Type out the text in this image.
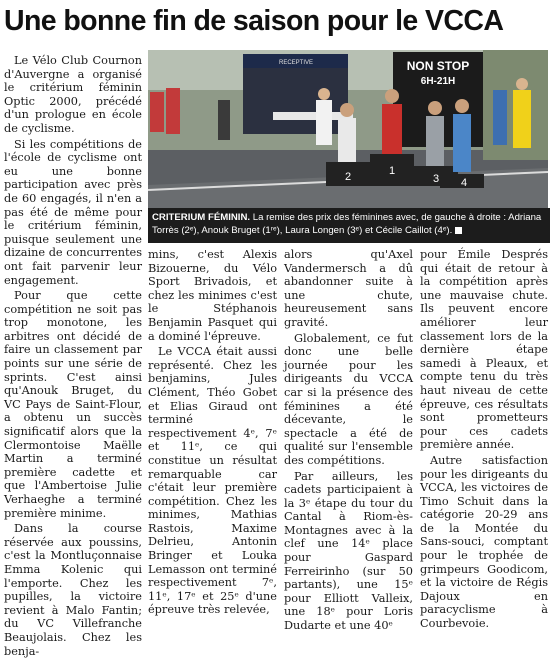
Une bonne fin de saison pour le VCCA

Le Vélo Club Cournon d'Auvergne a organisé le critérium féminin Optic 2000, précédé d'un prologue en école de cyclisme.

Si les compétitions de l'école de cyclisme ont eu une bonne participation avec près de 60 engagés, il n'en a pas été de même pour le critérium féminin, puisque seulement une dizaine de concurrentes ont fait parvenir leur engagement.

Pour que cette compétition ne soit pas trop monotone, les arbitres ont décidé de faire un classement par points sur une série de sprints. C'est ainsi qu'Anouk Bruget, du VC Pays de Saint-Flour, a obtenu un succès significatif alors que la Clermontoise Maëlle Martin a terminé première cadette et que l'Ambertoise Julie Verhaeghe a terminé première minime.

Dans la course réservée aux poussins, c'est la Montluçonnaise Emma Kolenic qui l'emporte. Chez les pupilles, la victoire revient à Malo Fantin; du VC Villefranche Beaujolais. Chez les benja-

RECEPTIVE	NON STOP
6H-21H
2	1
3 4
CRITERIUM FÉMININ. La remise des prix des féminines avec, de gauche à droite : Adriana Torrès (2ᵉ), Anouk Bruget (1ʳᵉ), Laura Longen (3ᵉ) et Cécile Caillot (4ᵉ).

mins, c'est Alexis Bizouerne, du Vélo Sport Brivadois, et chez les minimes c'est le Stéphanois Benjamin Pasquet qui a dominé l'épreuve.

Le VCCA était aussi représenté. Chez les benjamins, Jules Clément, Théo Gobet et Elias Giraud ont terminé respectivement 4ᵉ, 7ᵉ et 11ᵉ, ce qui constitue un résultat remarquable car c'était leur première compétition. Chez les minimes, Mathias Rastois, Maxime Delrieu, Antonin Bringer et Louka Lemasson ont terminé respectivement 7ᵉ, 11ᵉ, 17ᵉ et 25ᵉ d'une épreuve très relevée,

alors qu'Axel Vandermersch a dû abandonner suite à une chute, heureusement sans gravité.

Globalement, ce fut donc une belle journée pour les dirigeants du VCCA car si la présence des féminines a été décevante, le spectacle a été de qualité sur l'ensemble des compétitions.

Par ailleurs, les cadets participaient à la 3ᵉ étape du tour du Cantal à Riom-ès-Montagnes avec à la clef une 14ᵉ place pour Gaspard Ferreirinho (sur 50 partants), une 15ᵉ pour Elliott Valleix, une 18ᵉ pour Loris Dudarte et une 40ᵉ

pour Émile Després qui était de retour à la compétition après une mauvaise chute. Ils peuvent encore améliorer leur classement lors de la dernière étape samedi à Pleaux, et compte tenu du très haut niveau de cette épreuve, ces résultats sont prometteurs pour ces cadets première année.

Autre satisfaction pour les dirigeants du VCCA, les victoires de Timo Schuit dans la catégorie 20-29 ans de la Montée du Sans-souci, comptant pour le trophée de grimpeurs Goodicom, et la victoire de Régis Dajoux en paracyclisme à Courbevoie.
